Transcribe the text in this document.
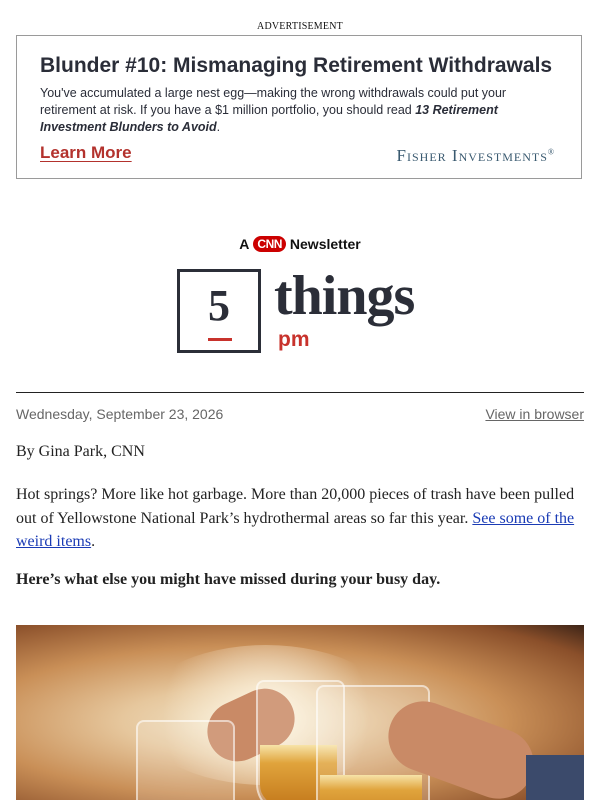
ADVERTISEMENT
Blunder #10: Mismanaging Retirement Withdrawals
You've accumulated a large nest egg—making the wrong withdrawals could put your retirement at risk. If you have a $1 million portfolio, you should read 13 Retirement Investment Blunders to Avoid.
Learn More	Fisher Investments®
A CNN Newsletter
5 things
pm
Wednesday, September 23, 2026	View in browser
By Gina Park, CNN
Hot springs? More like hot garbage. More than 20,000 pieces of trash have been pulled out of Yellowstone National Park’s hydrothermal areas so far this year. See some of the weird items.
Here’s what else you might have missed during your busy day.
